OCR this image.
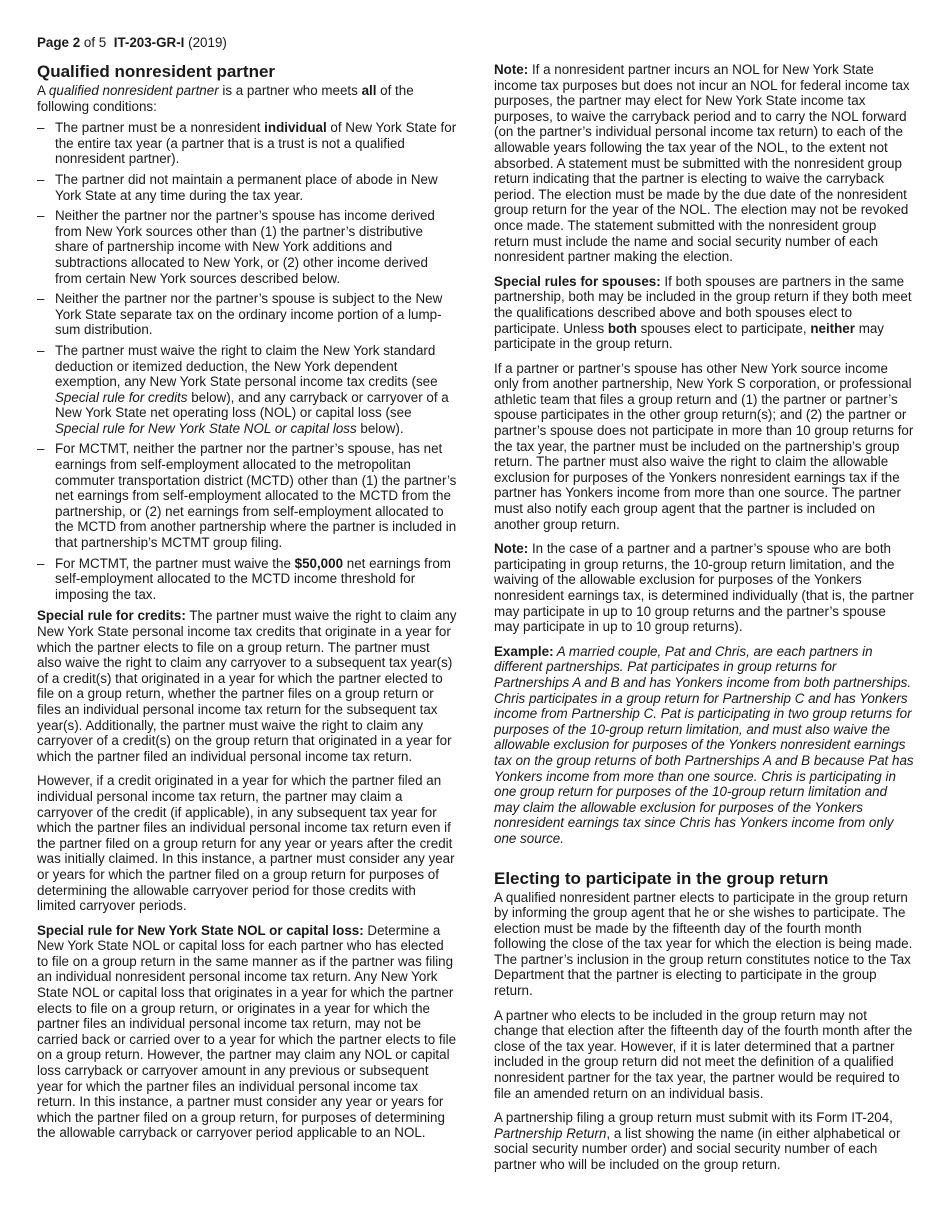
Page 2 of 5 IT-203-GR-I (2019)
Qualified nonresident partner

A qualified nonresident partner is a partner who meets all of the following conditions:

– The partner must be a nonresident individual of New York State for the entire tax year (a partner that is a trust is not a qualified nonresident partner).
– The partner did not maintain a permanent place of abode in New York State at any time during the tax year.
– Neither the partner nor the partner’s spouse has income derived from New York sources other than (1) the partner’s distributive share of partnership income with New York additions and subtractions allocated to New York, or (2) other income derived from certain New York sources described below.
– Neither the partner nor the partner’s spouse is subject to the New York State separate tax on the ordinary income portion of a lump-sum distribution.
– The partner must waive the right to claim the New York standard deduction or itemized deduction, the New York dependent exemption, any New York State personal income tax credits (see Special rule for credits below), and any carryback or carryover of a New York State net operating loss (NOL) or capital loss (see Special rule for New York State NOL or capital loss below).
– For MCTMT, neither the partner nor the partner’s spouse, has net earnings from self-employment allocated to the metropolitan commuter transportation district (MCTD) other than (1) the partner’s net earnings from self-employment allocated to the MCTD from the partnership, or (2) net earnings from self-employment allocated to the MCTD from another partnership where the partner is included in that partnership’s MCTMT group filing.
– For MCTMT, the partner must waive the $50,000 net earnings from self-employment allocated to the MCTD income threshold for imposing the tax.

Special rule for credits: The partner must waive the right to claim any New York State personal income tax credits that originate in a year for which the partner elects to file on a group return. The partner must also waive the right to claim any carryover to a subsequent tax year(s) of a credit(s) that originated in a year for which the partner elected to file on a group return, whether the partner files on a group return or files an individual personal income tax return for the subsequent tax year(s). Additionally, the partner must waive the right to claim any carryover of a credit(s) on the group return that originated in a year for which the partner filed an individual personal income tax return.

However, if a credit originated in a year for which the partner filed an individual personal income tax return, the partner may claim a carryover of the credit (if applicable), in any subsequent tax year for which the partner files an individual personal income tax return even if the partner filed on a group return for any year or years after the credit was initially claimed. In this instance, a partner must consider any year or years for which the partner filed on a group return for purposes of determining the allowable carryover period for those credits with limited carryover periods.

Special rule for New York State NOL or capital loss: Determine a New York State NOL or capital loss for each partner who has elected to file on a group return in the same manner as if the partner was filing an individual nonresident personal income tax return. Any New York State NOL or capital loss that originates in a year for which the partner elects to file on a group return, or originates in a year for which the partner files an individual personal income tax return, may not be carried back or carried over to a year for which the partner elects to file on a group return. However, the partner may claim any NOL or capital loss carryback or carryover amount in any previous or subsequent year for which the partner files an individual personal income tax return. In this instance, a partner must consider any year or years for which the partner filed on a group return, for purposes of determining the allowable carryback or carryover period applicable to an NOL.

Note: If a nonresident partner incurs an NOL for New York State income tax purposes but does not incur an NOL for federal income tax purposes, the partner may elect for New York State income tax purposes, to waive the carryback period and to carry the NOL forward (on the partner’s individual personal income tax return) to each of the allowable years following the tax year of the NOL, to the extent not absorbed. A statement must be submitted with the nonresident group return indicating that the partner is electing to waive the carryback period. The election must be made by the due date of the nonresident group return for the year of the NOL. The election may not be revoked once made. The statement submitted with the nonresident group return must include the name and social security number of each nonresident partner making the election.

Special rules for spouses: If both spouses are partners in the same partnership, both may be included in the group return if they both meet the qualifications described above and both spouses elect to participate. Unless both spouses elect to participate, neither may participate in the group return.

If a partner or partner’s spouse has other New York source income only from another partnership, New York S corporation, or professional athletic team that files a group return and (1) the partner or partner’s spouse participates in the other group return(s); and (2) the partner or partner’s spouse does not participate in more than 10 group returns for the tax year, the partner must be included on the partnership’s group return. The partner must also waive the right to claim the allowable exclusion for purposes of the Yonkers nonresident earnings tax if the partner has Yonkers income from more than one source. The partner must also notify each group agent that the partner is included on another group return.

Note: In the case of a partner and a partner’s spouse who are both participating in group returns, the 10-group return limitation, and the waiving of the allowable exclusion for purposes of the Yonkers nonresident earnings tax, is determined individually (that is, the partner may participate in up to 10 group returns and the partner’s spouse may participate in up to 10 group returns).

Example: A married couple, Pat and Chris, are each partners in different partnerships. Pat participates in group returns for Partnerships A and B and has Yonkers income from both partnerships. Chris participates in a group return for Partnership C and has Yonkers income from Partnership C. Pat is participating in two group returns for purposes of the 10-group return limitation, and must also waive the allowable exclusion for purposes of the Yonkers nonresident earnings tax on the group returns of both Partnerships A and B because Pat has Yonkers income from more than one source. Chris is participating in one group return for purposes of the 10-group return limitation and may claim the allowable exclusion for purposes of the Yonkers nonresident earnings tax since Chris has Yonkers income from only one source.

Electing to participate in the group return

A qualified nonresident partner elects to participate in the group return by informing the group agent that he or she wishes to participate. The election must be made by the fifteenth day of the fourth month following the close of the tax year for which the election is being made. The partner’s inclusion in the group return constitutes notice to the Tax Department that the partner is electing to participate in the group return.

A partner who elects to be included in the group return may not change that election after the fifteenth day of the fourth month after the close of the tax year. However, if it is later determined that a partner included in the group return did not meet the definition of a qualified nonresident partner for the tax year, the partner would be required to file an amended return on an individual basis.

A partnership filing a group return must submit with its Form IT-204, Partnership Return, a list showing the name (in either alphabetical or social security number order) and social security number of each partner who will be included on the group return.
